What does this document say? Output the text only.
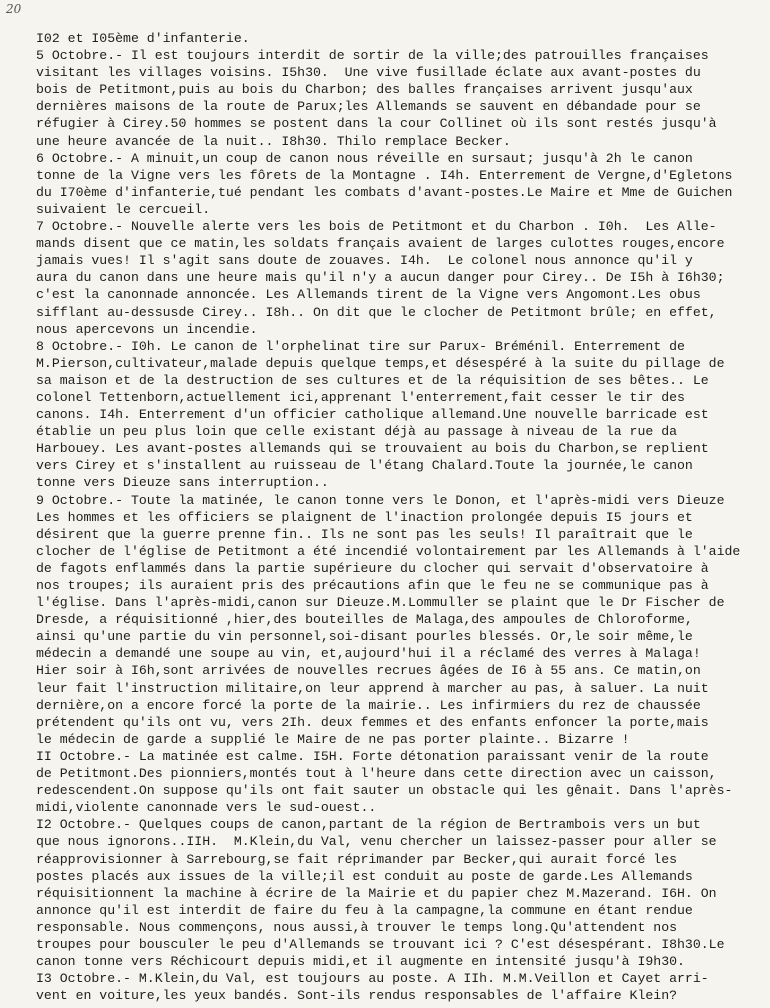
20
I02 et I05ème d'infanterie.
5 Octobre.- Il est toujours interdit de sortir de la ville;des patrouilles françaises
visitant les villages voisins. I5h30.  Une vive fusillade éclate aux avant-postes du
bois de Petitmont,puis au bois du Charbon; des balles françaises arrivent jusqu'aux
dernières maisons de la route de Parux;les Allemands se sauvent en débandade pour se
réfugier à Cirey.50 hommes se postent dans la cour Collinet où ils sont restés jusqu'à
une heure avancée de la nuit.. I8h30. Thilo remplace Becker.
6 Octobre.- A minuit,un coup de canon nous réveille en sursaut; jusqu'à 2h le canon
tonne de la Vigne vers les fôrets de la Montagne . I4h. Enterrement de Vergne,d'Egletons
du I70ème d'infanterie,tué pendant les combats d'avant-postes.Le Maire et Mme de Guichen
suivaient le cercueil.
7 Octobre.- Nouvelle alerte vers les bois de Petitmont et du Charbon . I0h.  Les Alle-
mands disent que ce matin,les soldats français avaient de larges culottes rouges,encore
jamais vues! Il s'agit sans doute de zouaves. I4h.  Le colonel nous annonce qu'il y
aura du canon dans une heure mais qu'il n'y a aucun danger pour Cirey.. De I5h à I6h30;
c'est la canonnade annoncée. Les Allemands tirent de la Vigne vers Angomont.Les obus
sifflant au-dessusde Cirey.. I8h.. On dit que le clocher de Petitmont brûle; en effet,
nous apercevons un incendie.
8 Octobre.- I0h. Le canon de l'orphelinat tire sur Parux- Bréménil. Enterrement de
M.Pierson,cultivateur,malade depuis quelque temps,et désespéré à la suite du pillage de
sa maison et de la destruction de ses cultures et de la réquisition de ses bêtes.. Le
colonel Tettenborn,actuellement ici,apprenant l'enterrement,fait cesser le tir des
canons. I4h. Enterrement d'un officier catholique allemand.Une nouvelle barricade est
établie un peu plus loin que celle existant déjà au passage à niveau de la rue da
Harbouey. Les avant-postes allemands qui se trouvaient au bois du Charbon,se replient
vers Cirey et s'installent au ruisseau de l'étang Chalard.Toute la journée,le canon
tonne vers Dieuze sans interruption..
9 Octobre.- Toute la matinée, le canon tonne vers le Donon, et l'après-midi vers Dieuze
Les hommes et les officiers se plaignent de l'inaction prolongée depuis I5 jours et
désirent que la guerre prenne fin.. Ils ne sont pas les seuls! Il paraîtrait que le
clocher de l'église de Petitmont a été incendié volontairement par les Allemands à l'aide
de fagots enflammés dans la partie supérieure du clocher qui servait d'observatoire à
nos troupes; ils auraient pris des précautions afin que le feu ne se communique pas à
l'église. Dans l'après-midi,canon sur Dieuze.M.Lommuller se plaint que le Dr Fischer de
Dresde, a réquisitionné ,hier,des bouteilles de Malaga,des ampoules de Chloroforme,
ainsi qu'une partie du vin personnel,soi-disant pourles blessés. Or,le soir même,le
médecin a demandé une soupe au vin, et,aujourd'hui il a réclamé des verres à Malaga!
Hier soir à I6h,sont arrivées de nouvelles recrues âgées de I6 à 55 ans. Ce matin,on
leur fait l'instruction militaire,on leur apprend à marcher au pas, à saluer. La nuit
dernière,on a encore forcé la porte de la mairie.. Les infirmiers du rez de chaussée
prétendent qu'ils ont vu, vers 2Ih. deux femmes et des enfants enfoncer la porte,mais
le médecin de garde a supplié le Maire de ne pas porter plainte.. Bizarre !
II Octobre.- La matinée est calme. I5H. Forte détonation paraissant venir de la route
de Petitmont.Des pionniers,montés tout à l'heure dans cette direction avec un caisson,
redescendent.On suppose qu'ils ont fait sauter un obstacle qui les gênait. Dans l'après-
midi,violente canonnade vers le sud-ouest..
I2 Octobre.- Quelques coups de canon,partant de la région de Bertrambois vers un but
que nous ignorons..IIH.  M.Klein,du Val, venu chercher un laissez-passer pour aller se
réapprovisionner à Sarrebourg,se fait réprimander par Becker,qui aurait forcé les
postes placés aux issues de la ville;il est conduit au poste de garde.Les Allemands
réquisitionnent la machine à écrire de la Mairie et du papier chez M.Mazerand. I6H. On
annonce qu'il est interdit de faire du feu à la campagne,la commune en étant rendue
responsable. Nous commençons, nous aussi,à trouver le temps long.Qu'attendent nos
troupes pour bousculer le peu d'Allemands se trouvant ici ? C'est désespérant. I8h30.Le
canon tonne vers Réchicourt depuis midi,et il augmente en intensité jusqu'à I9h30.
I3 Octobre.- M.Klein,du Val, est toujours au poste. A IIh. M.M.Veillon et Cayet arri-
vent en voiture,les yeux bandés. Sont-ils rendus responsables de l'affaire Klein?
